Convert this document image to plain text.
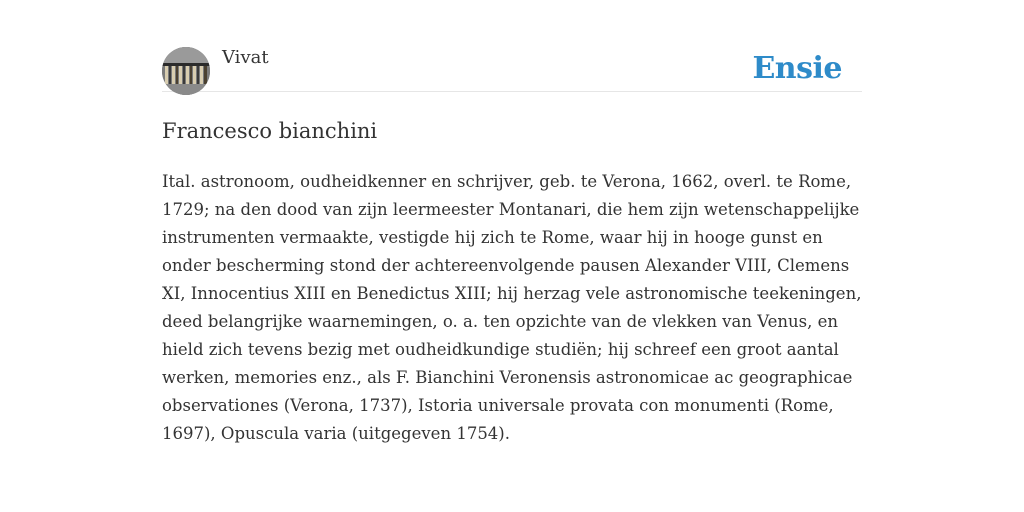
Vivat	Ensie
Francesco bianchini

Ital. astronoom, oudheidkenner en schrijver, geb. te Verona, 1662, overl. te Rome, 1729; na den dood van zijn leermeester Montanari, die hem zijn wetenschappelijke instrumenten vermaakte, vestigde hij zich te Rome, waar hij in hooge gunst en onder bescherming stond der achtereenvolgende pausen Alexander VIII, Clemens XI, Innocentius XIII en Benedictus XIII; hij herzag vele astronomische teekeningen, deed belangrijke waarnemingen, o. a. ten opzichte van de vlekken van Venus, en hield zich tevens bezig met oudheidkundige studiën; hij schreef een groot aantal werken, memories enz., als F. Bianchini Veronensis astronomicae ac geographicae observationes (Verona, 1737), Istoria universale provata con monumenti (Rome, 1697), Opuscula varia (uitgegeven 1754).
